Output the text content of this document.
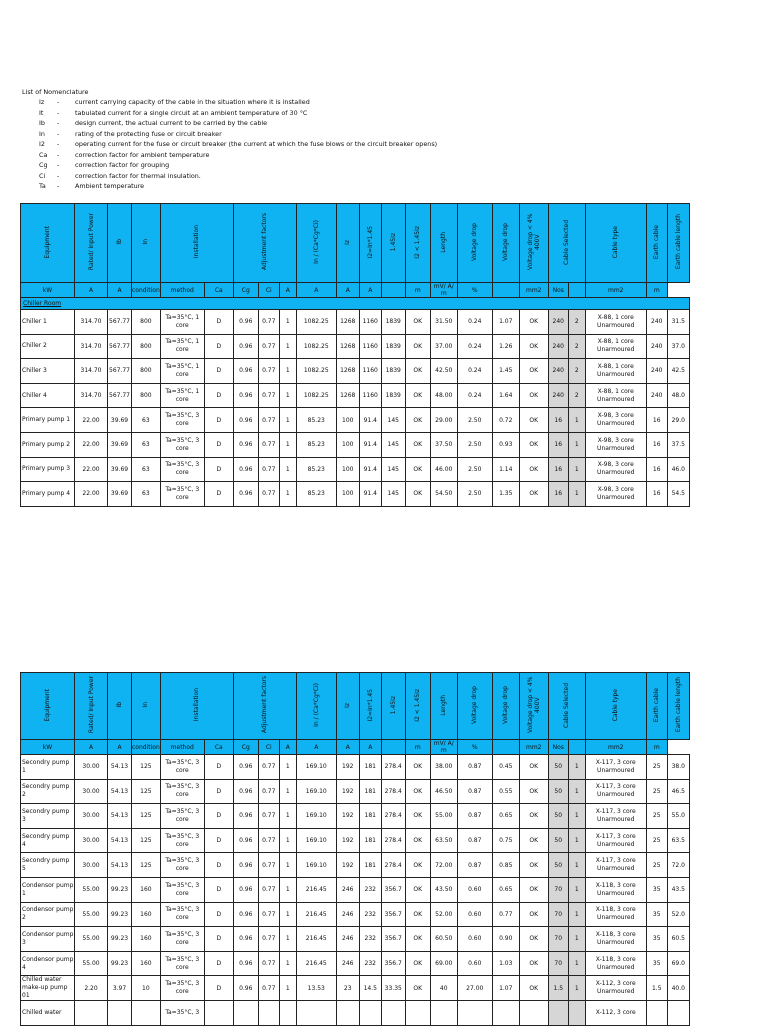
List of Nomenclature
Iz	-	current carrying capacity of the cable in the situation where it is installed
It	-	tabulated current for a single circuit at an ambient temperature of 30 °C
Ib	-	design current, the actual current to be carried by the cable
In	-	rating of the protecting fuse or circuit breaker
I2	-	operating current for the fuse or circuit breaker (the current at which the fuse blows or the circuit breaker opens)
Ca	-	correction factor for ambient temperature
Cg	-	correction factor for grouping
Ci	-	correction factor for thermal insulation.
Ta	-	Ambient temperature
Equipment	Rated/ Input Power	Ib	In	Installation		Adjustment factors			In / (Ca*Cg*Ci)	Iz	I2=In*1.45	1.45Iz	I2 < 1.45Iz	Length	Voltage drop	Voltage drop	Voltage drop < 4% 400V	Cable Selected		Cable type	Earth cable	Earth cable length
kW	A	A	condition	method	Ca	Cg	Ci	A	A	A	A		m	mV/ A/ m	%		mm2	Nos		mm2	m	
Chiller Room																						
Chiller 1	314.70	567.77	800	Ta=35°C, 1 core	D	0.96	0.77	1	1082.25	1268	1160	1839	OK	31.50	0.24	1.07	OK	240	2	X-88, 1 core Unarmoured	240	31.5
Chiller 2	314.70	567.77	800	Ta=35°C, 1 core	D	0.96	0.77	1	1082.25	1268	1160	1839	OK	37.00	0.24	1.26	OK	240	2	X-88, 1 core Unarmoured	240	37.0
Chiller 3	314.70	567.77	800	Ta=35°C, 1 core	D	0.96	0.77	1	1082.25	1268	1160	1839	OK	42.50	0.24	1.45	OK	240	2	X-88, 1 core Unarmoured	240	42.5
Chiller 4	314.70	567.77	800	Ta=35°C, 1 core	D	0.96	0.77	1	1082.25	1268	1160	1839	OK	48.00	0.24	1.64	OK	240	2	X-88, 1 core Unarmoured	240	48.0
Primary pump 1	22.00	39.69	63	Ta=35°C, 3 core	D	0.96	0.77	1	85.23	100	91.4	145	OK	29.00	2.50	0.72	OK	16	1	X-98, 3 core Unarmoured	16	29.0
Primary pump 2	22.00	39.69	63	Ta=35°C, 3 core	D	0.96	0.77	1	85.23	100	91.4	145	OK	37.50	2.50	0.93	OK	16	1	X-98, 3 core Unarmoured	16	37.5
Primary pump 3	22.00	39.69	63	Ta=35°C, 3 core	D	0.96	0.77	1	85.23	100	91.4	145	OK	46.00	2.50	1.14	OK	16	1	X-98, 3 core Unarmoured	16	46.0
Primary pump 4	22.00	39.69	63	Ta=35°C, 3 core	D	0.96	0.77	1	85.23	100	91.4	145	OK	54.50	2.50	1.35	OK	16	1	X-98, 3 core Unarmoured	16	54.5
Equipment	Rated/ Input Power	Ib	In	Installation		Adjustment factors			In / (Ca*Cg*Ci)	Iz	I2=In*1.45	1.45Iz	I2 < 1.45Iz	Length	Voltage drop	Voltage drop	Voltage drop < 4% 400V	Cable Selected		Cable type	Earth cable	Earth cable length
kW	A	A	condition	method	Ca	Cg	Ci	A	A	A	A		m	mV/ A/ m	%		mm2	Nos		mm2	m	
Secondry pump 1	30.00	54.13	125	Ta=35°C, 3 core	D	0.96	0.77	1	169.10	192	181	278.4	OK	38.00	0.87	0.45	OK	50	1	X-117, 3 core Unarmoured	25	38.0
Secondry pump 2	30.00	54.13	125	Ta=35°C, 3 core	D	0.96	0.77	1	169.10	192	181	278.4	OK	46.50	0.87	0.55	OK	50	1	X-117, 3 core Unarmoured	25	46.5
Secondry pump 3	30.00	54.13	125	Ta=35°C, 3 core	D	0.96	0.77	1	169.10	192	181	278.4	OK	55.00	0.87	0.65	OK	50	1	X-117, 3 core Unarmoured	25	55.0
Secondry pump 4	30.00	54.13	125	Ta=35°C, 3 core	D	0.96	0.77	1	169.10	192	181	278.4	OK	63.50	0.87	0.75	OK	50	1	X-117, 3 core Unarmoured	25	63.5
Secondry pump 5	30.00	54.13	125	Ta=35°C, 3 core	D	0.96	0.77	1	169.10	192	181	278.4	OK	72.00	0.87	0.85	OK	50	1	X-117, 3 core Unarmoured	25	72.0
Condensor pump 1	55.00	99.23	160	Ta=35°C, 3 core	D	0.96	0.77	1	216.45	246	232	356.7	OK	43.50	0.60	0.65	OK	70	1	X-118, 3 core Unarmoured	35	43.5
Condensor pump 2	55.00	99.23	160	Ta=35°C, 3 core	D	0.96	0.77	1	216.45	246	232	356.7	OK	52.00	0.60	0.77	OK	70	1	X-118, 3 core Unarmoured	35	52.0
Condensor pump 3	55.00	99.23	160	Ta=35°C, 3 core	D	0.96	0.77	1	216.45	246	232	356.7	OK	60.50	0.60	0.90	OK	70	1	X-118, 3 core Unarmoured	35	60.5
Condensor pump 4	55.00	99.23	160	Ta=35°C, 3 core	D	0.96	0.77	1	216.45	246	232	356.7	OK	69.00	0.60	1.03	OK	70	1	X-118, 3 core Unarmoured	35	69.0
Chilled water make-up pump 01	2.20	3.97	10	Ta=35°C, 3 core	D	0.96	0.77	1	13.53	23	14.5	33.35	OK	40	27.00	1.07	OK	1.5	1	X-112, 3 core Unarmoured	1.5	40.0
Chilled water				Ta=35°C, 3																X-112, 3 core		
